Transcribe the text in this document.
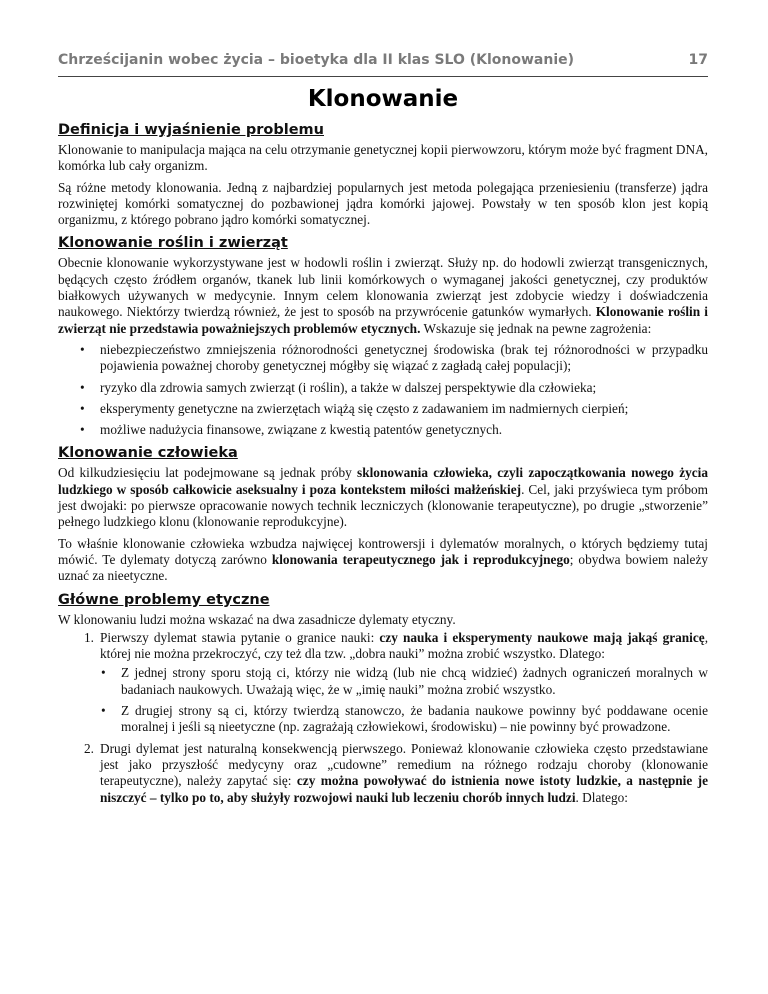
Chrześcijanin wobec życia – bioetyka dla II klas SLO (Klonowanie)	17
Klonowanie
Definicja i wyjaśnienie problemu

Klonowanie to manipulacja mająca na celu otrzymanie genetycznej kopii pierwowzoru, którym może być fragment DNA, komórka lub cały organizm.

Są różne metody klonowania. Jedną z najbardziej popularnych jest metoda polegająca przeniesieniu (transferze) jądra rozwiniętej komórki somatycznej do pozbawionej jądra komórki jajowej. Powstały w ten sposób klon jest kopią organizmu, z którego pobrano jądro komórki somatycznej.

Klonowanie roślin i zwierząt

Obecnie klonowanie wykorzystywane jest w hodowli roślin i zwierząt. Służy np. do hodowli zwierząt transgenicznych, będących często źródłem organów, tkanek lub linii komórkowych o wymaganej jakości genetycznej, czy produktów białkowych używanych w medycynie. Innym celem klonowania zwierząt jest zdobycie wiedzy i doświadczenia naukowego. Niektórzy twierdzą również, że jest to sposób na przywrócenie gatunków wymarłych. Klonowanie roślin i zwierząt nie przedstawia poważniejszych problemów etycznych. Wskazuje się jednak na pewne zagrożenia:

• niebezpieczeństwo zmniejszenia różnorodności genetycznej środowiska (brak tej różnorodności w przypadku pojawienia poważnej choroby genetycznej mógłby się wiązać z zagładą całej populacji);
• ryzyko dla zdrowia samych zwierząt (i roślin), a także w dalszej perspektywie dla człowieka;
• eksperymenty genetyczne na zwierzętach wiążą się często z zadawaniem im nadmiernych cierpień;
• możliwe nadużycia finansowe, związane z kwestią patentów genetycznych.
Klonowanie człowieka

Od kilkudziesięciu lat podejmowane są jednak próby sklonowania człowieka, czyli zapoczątkowania nowego życia ludzkiego w sposób całkowicie aseksualny i poza kontekstem miłości małżeńskiej. Cel, jaki przyświeca tym próbom jest dwojaki: po pierwsze opracowanie nowych technik leczniczych (klonowanie terapeutyczne), po drugie „stworzenie” pełnego ludzkiego klonu (klonowanie reprodukcyjne).

To właśnie klonowanie człowieka wzbudza najwięcej kontrowersji i dylematów moralnych, o których będziemy tutaj mówić. Te dylematy dotyczą zarówno klonowania terapeutycznego jak i reprodukcyjnego; obydwa bowiem należy uznać za nieetyczne.

Główne problemy etyczne

W klonowaniu ludzi można wskazać na dwa zasadnicze dylematy etyczny.

1. Pierwszy dylemat stawia pytanie o granice nauki: czy nauka i eksperymenty naukowe mają jakąś granicę, której nie można przekroczyć, czy też dla tzw. „dobra nauki” można zrobić wszystko. Dlatego:
• Z jednej strony sporu stoją ci, którzy nie widzą (lub nie chcą widzieć) żadnych ograniczeń moralnych w badaniach naukowych. Uważają więc, że w „imię nauki” można zrobić wszystko.
• Z drugiej strony są ci, którzy twierdzą stanowczo, że badania naukowe powinny być poddawane ocenie moralnej i jeśli są nieetyczne (np. zagrażają człowiekowi, środowisku) – nie powinny być prowadzone.
2. Drugi dylemat jest naturalną konsekwencją pierwszego. Ponieważ klonowanie człowieka często przedstawiane jest jako przyszłość medycyny oraz „cudowne” remedium na różnego rodzaju choroby (klonowanie terapeutyczne), należy zapytać się: czy można powoływać do istnienia nowe istoty ludzkie, a następnie je niszczyć – tylko po to, aby służyły rozwojowi nauki lub leczeniu chorób innych ludzi. Dlatego:
